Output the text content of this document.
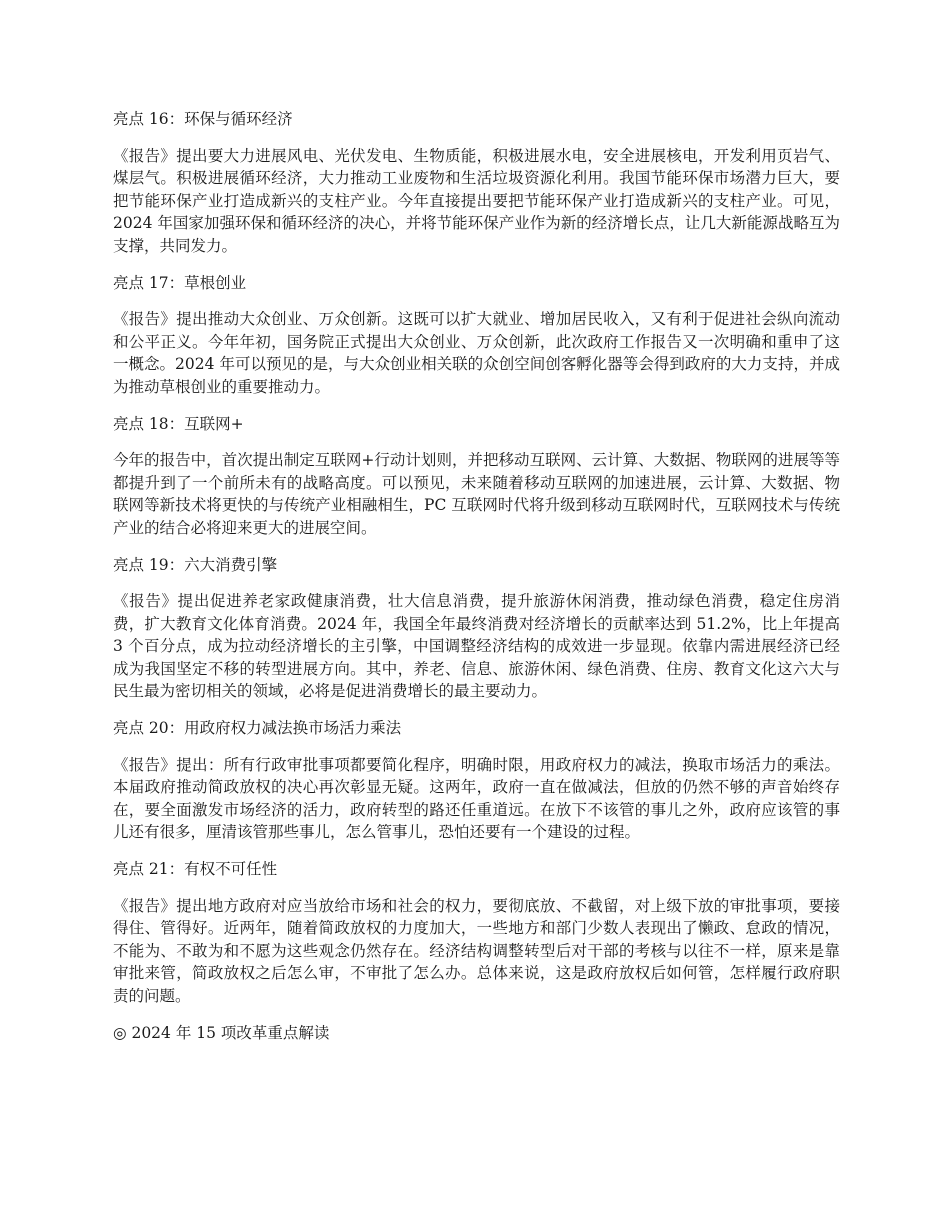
亮点 16：环保与循环经济
《报告》提出要大力进展风电、光伏发电、生物质能，积极进展水电，安全进展核电，开发利用页岩气、煤层气。积极进展循环经济，大力推动工业废物和生活垃圾资源化利用。我国节能环保市场潜力巨大，要把节能环保产业打造成新兴的支柱产业。今年直接提出要把节能环保产业打造成新兴的支柱产业。可见，2024 年国家加强环保和循环经济的决心，并将节能环保产业作为新的经济增长点，让几大新能源战略互为支撑，共同发力。
亮点 17：草根创业
《报告》提出推动大众创业、万众创新。这既可以扩大就业、增加居民收入，又有利于促进社会纵向流动和公平正义。今年年初，国务院正式提出大众创业、万众创新，此次政府工作报告又一次明确和重申了这一概念。2024 年可以预见的是，与大众创业相关联的众创空间创客孵化器等会得到政府的大力支持，并成为推动草根创业的重要推动力。
亮点 18：互联网+
今年的报告中，首次提出制定互联网+行动计划则，并把移动互联网、云计算、大数据、物联网的进展等等都提升到了一个前所未有的战略高度。可以预见，未来随着移动互联网的加速进展，云计算、大数据、物联网等新技术将更快的与传统产业相融相生，PC 互联网时代将升级到移动互联网时代，互联网技术与传统产业的结合必将迎来更大的进展空间。
亮点 19：六大消费引擎
《报告》提出促进养老家政健康消费，壮大信息消费，提升旅游休闲消费，推动绿色消费，稳定住房消费，扩大教育文化体育消费。2024 年，我国全年最终消费对经济增长的贡献率达到 51.2%，比上年提高 3 个百分点，成为拉动经济增长的主引擎，中国调整经济结构的成效进一步显现。依靠内需进展经济已经成为我国坚定不移的转型进展方向。其中，养老、信息、旅游休闲、绿色消费、住房、教育文化这六大与民生最为密切相关的领域，必将是促进消费增长的最主要动力。
亮点 20：用政府权力减法换市场活力乘法
《报告》提出：所有行政审批事项都要简化程序，明确时限，用政府权力的减法，换取市场活力的乘法。本届政府推动简政放权的决心再次彰显无疑。这两年，政府一直在做减法，但放的仍然不够的声音始终存在，要全面激发市场经济的活力，政府转型的路还任重道远。在放下不该管的事儿之外，政府应该管的事儿还有很多，厘清该管那些事儿，怎么管事儿，恐怕还要有一个建设的过程。
亮点 21：有权不可任性
《报告》提出地方政府对应当放给市场和社会的权力，要彻底放、不截留，对上级下放的审批事项，要接得住、管得好。近两年，随着简政放权的力度加大，一些地方和部门少数人表现出了懒政、怠政的情况，不能为、不敢为和不愿为这些观念仍然存在。经济结构调整转型后对干部的考核与以往不一样，原来是靠审批来管，简政放权之后怎么审，不审批了怎么办。总体来说，这是政府放权后如何管，怎样履行政府职责的问题。
◎ 2024 年 15 项改革重点解读
